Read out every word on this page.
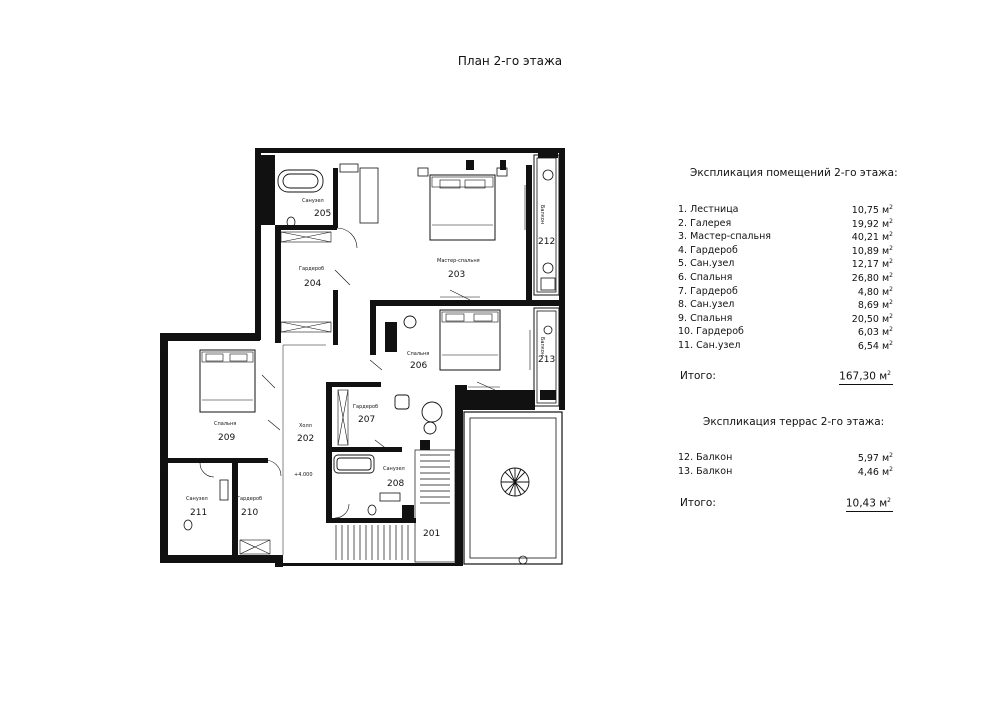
План 2-го этажа
Санузел
205
Гардероб
204
Мастер-спальня
203
Балкон
212
Балкон
213
Спальня
206
Гардероб
207
Спальня
209
Холл
202
+4.000
Санузел
208
Санузел
211
Гардероб
210
201
Экспликация помещений 2-го этажа:
1. Лестница	10,75 $м^2$
2. Галерея	19,92 $м^2$
3. Мастер-спальня	40,21 $м^2$
4. Гардероб	10,89 $м^2$
5. Сан.узел	12,17 $м^2$
6. Спальня	26,80 $м^2$
7. Гардероб	4,80 $м^2$
8. Сан.узел	8,69 $м^2$
9. Спальня	20,50 $м^2$
10. Гардероб	6,03 $м^2$
11. Сан.узел	6,54 $м^2$
Итого:	167,30 $м^2$
Экспликация террас 2-го этажа:
12. Балкон	5,97 $м^2$
13. Балкон	4,46 $м^2$
Итого:	10,43 $м^2$
